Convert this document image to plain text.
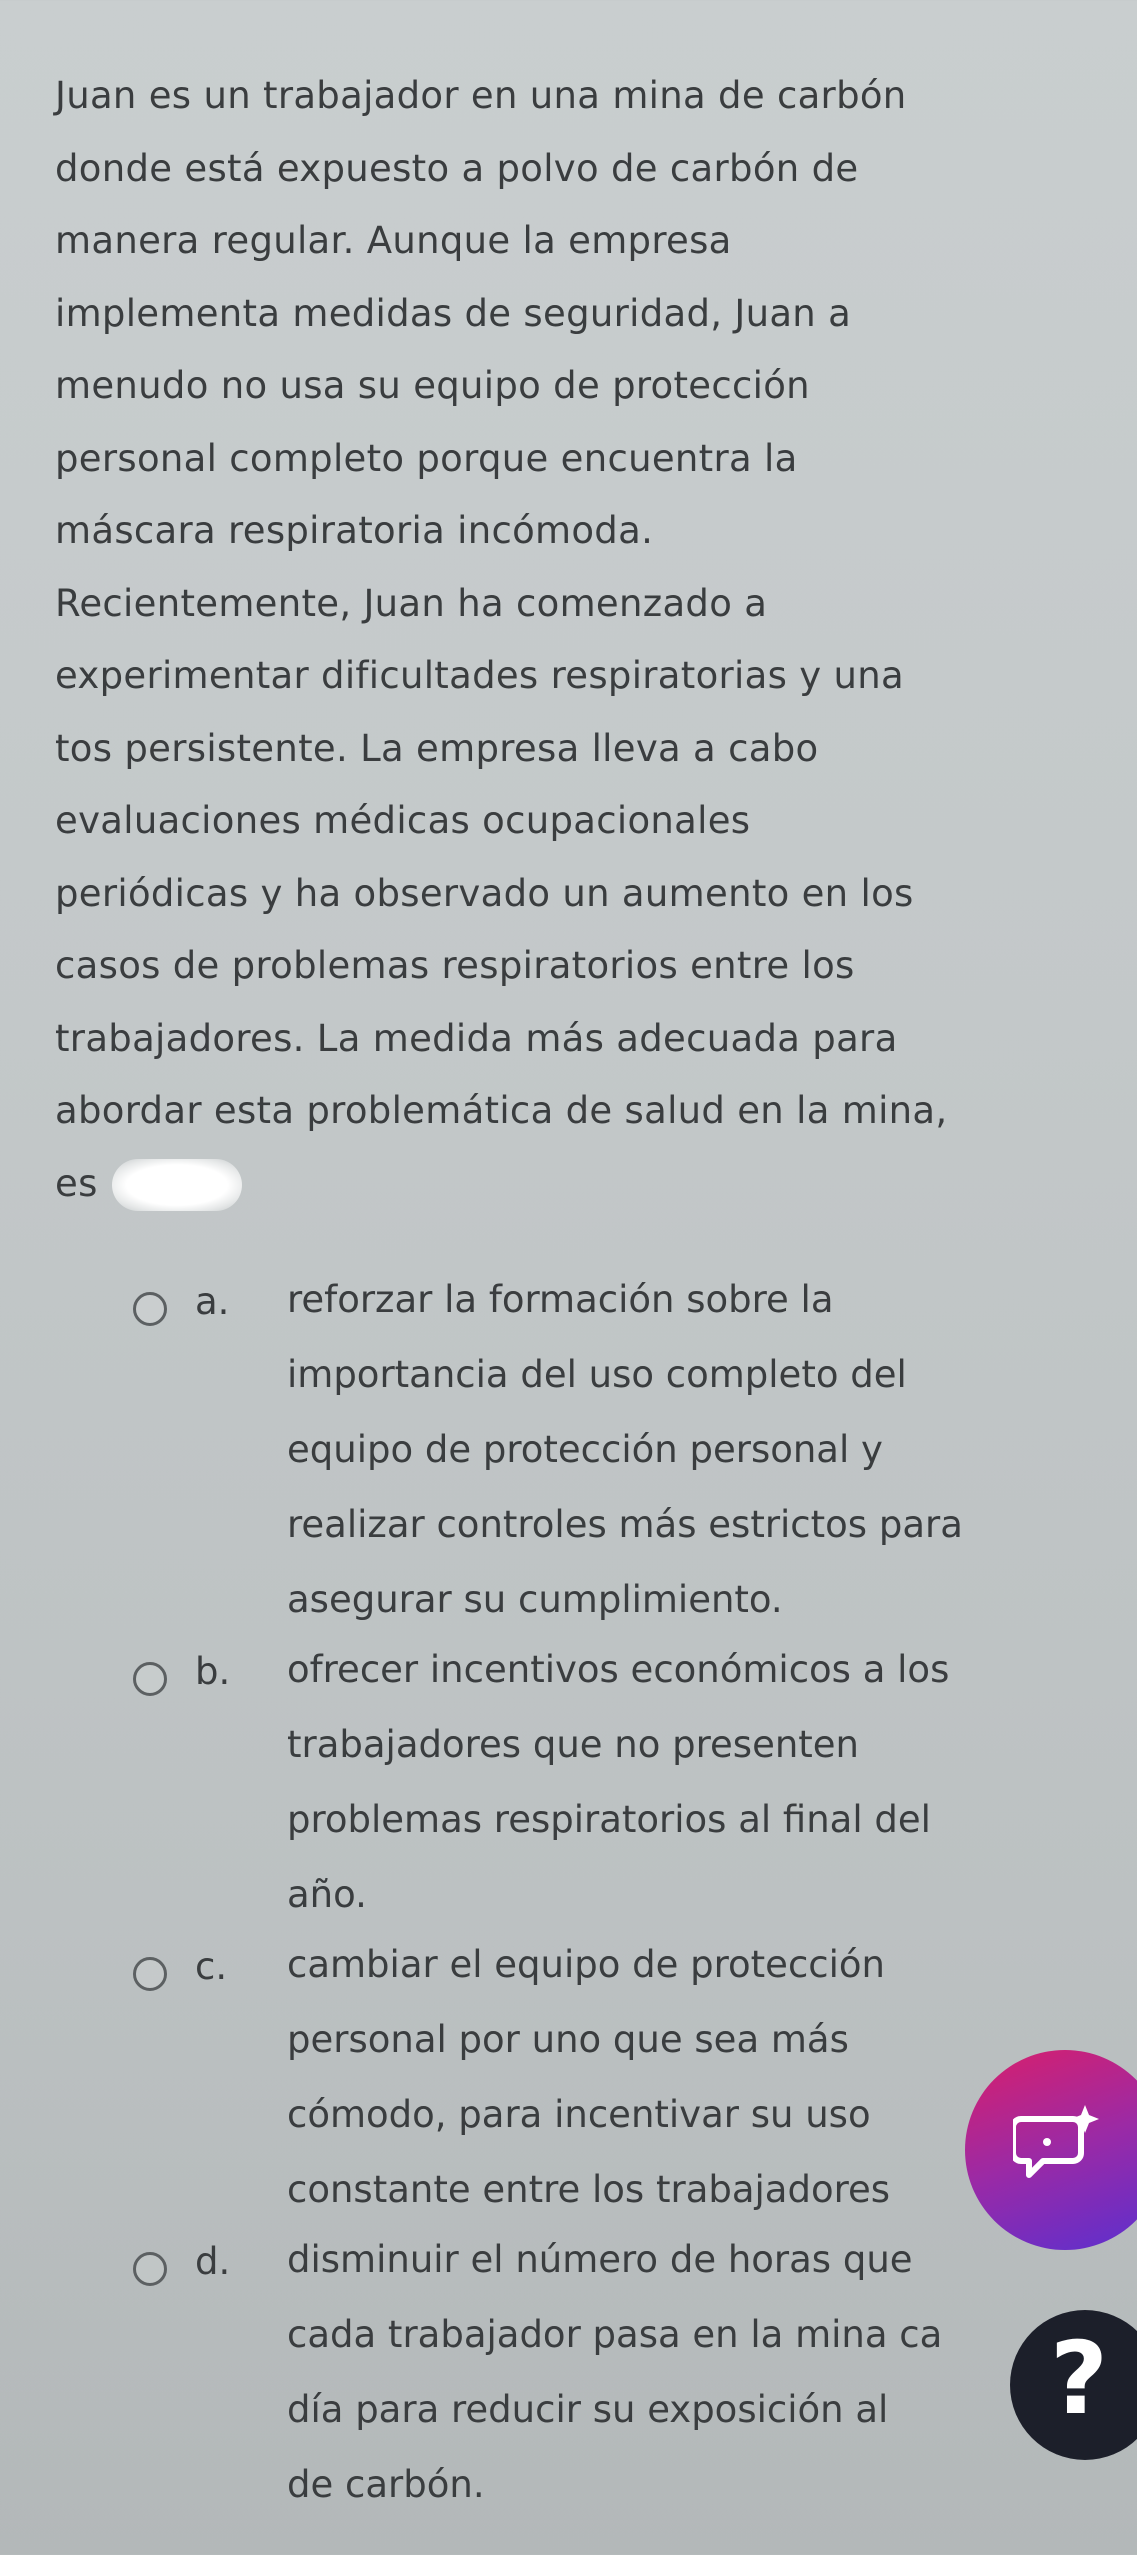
Juan es un trabajador en una mina de carbón
donde está expuesto a polvo de carbón de
manera regular. Aunque la empresa
implementa medidas de seguridad, Juan a
menudo no usa su equipo de protección
personal completo porque encuentra la
máscara respiratoria incómoda.
Recientemente, Juan ha comenzado a
experimentar dificultades respiratorias y una
tos persistente. La empresa lleva a cabo
evaluaciones médicas ocupacionales
periódicas y ha observado un aumento en los
casos de problemas respiratorios entre los
trabajadores. La medida más adecuada para
abordar esta problemática de salud en la mina,
es
a. reforzar la formación sobre la
importancia del uso completo del
equipo de protección personal y
realizar controles más estrictos para
asegurar su cumplimiento.
b. ofrecer incentivos económicos a los
trabajadores que no presenten
problemas respiratorios al final del
año.
c. cambiar el equipo de protección
personal por uno que sea más
cómodo, para incentivar su uso
constante entre los trabajadores
d. disminuir el número de horas que
cada trabajador pasa en la mina ca
día para reducir su exposición al
de carbón.
?
